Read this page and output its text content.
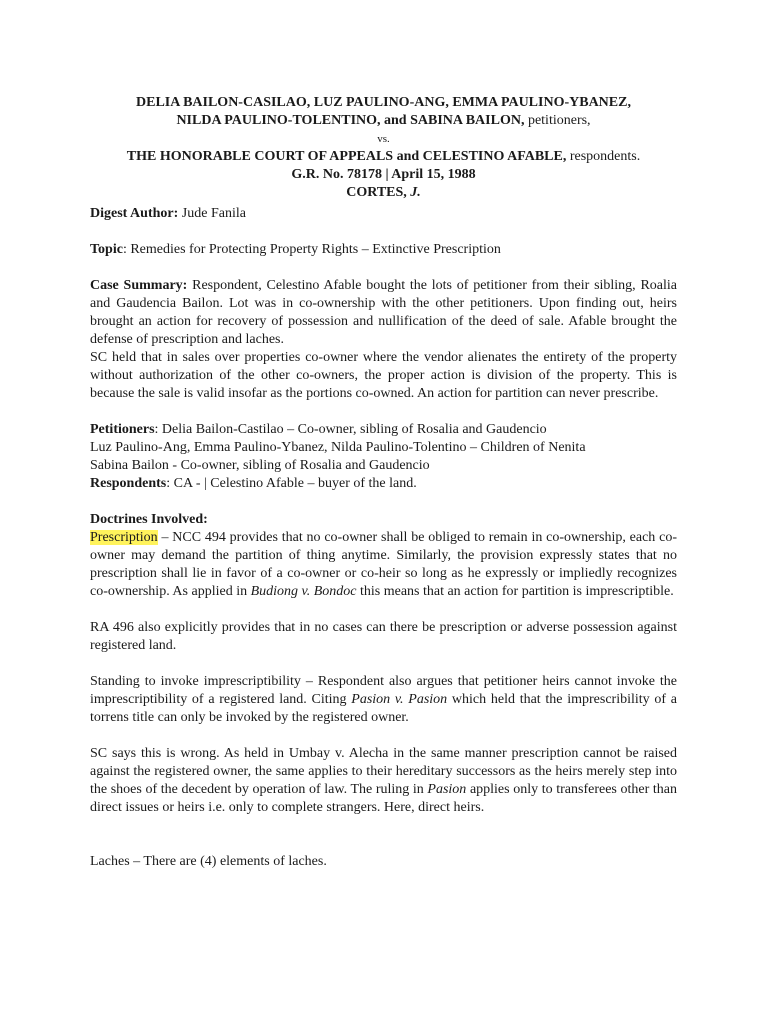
DELIA BAILON-CASILAO, LUZ PAULINO-ANG, EMMA PAULINO-YBANEZ,

NILDA PAULINO-TOLENTINO, and SABINA BAILON, petitioners,

vs.

THE HONORABLE COURT OF APPEALS and CELESTINO AFABLE, respondents.

G.R. No. 78178 | April 15, 1988

CORTES, J.

Digest Author: Jude Fanila

Topic: Remedies for Protecting Property Rights – Extinctive Prescription

Case Summary: Respondent, Celestino Afable bought the lots of petitioner from their sibling, Roalia and Gaudencia Bailon. Lot was in co-ownership with the other petitioners. Upon finding out, heirs brought an action for recovery of possession and nullification of the deed of sale. Afable brought the defense of prescription and laches.

SC held that in sales over properties co-owner where the vendor alienates the entirety of the property without authorization of the other co-owners, the proper action is division of the property. This is because the sale is valid insofar as the portions co-owned. An action for partition can never prescribe.

Petitioners: Delia Bailon-Castilao – Co-owner, sibling of Rosalia and Gaudencio

Luz Paulino-Ang, Emma Paulino-Ybanez, Nilda Paulino-Tolentino – Children of Nenita

Sabina Bailon - Co-owner, sibling of Rosalia and Gaudencio

Respondents: CA - | Celestino Afable – buyer of the land.

Doctrines Involved:

Prescription – NCC 494 provides that no co-owner shall be obliged to remain in co-ownership, each co-owner may demand the partition of thing anytime. Similarly, the provision expressly states that no prescription shall lie in favor of a co-owner or co-heir so long as he expressly or impliedly recognizes co-ownership. As applied in Budiong v. Bondoc this means that an action for partition is imprescriptible.

RA 496 also explicitly provides that in no cases can there be prescription or adverse possession against registered land.

Standing to invoke imprescriptibility – Respondent also argues that petitioner heirs cannot invoke the imprescriptibility of a registered land. Citing Pasion v. Pasion which held that the imprescribility of a torrens title can only be invoked by the registered owner.

SC says this is wrong. As held in Umbay v. Alecha in the same manner prescription cannot be raised against the registered owner, the same applies to their hereditary successors as the heirs merely step into the shoes of the decedent by operation of law. The ruling in Pasion applies only to transferees other than direct issues or heirs i.e. only to complete strangers. Here, direct heirs.

Laches – There are (4) elements of laches.
